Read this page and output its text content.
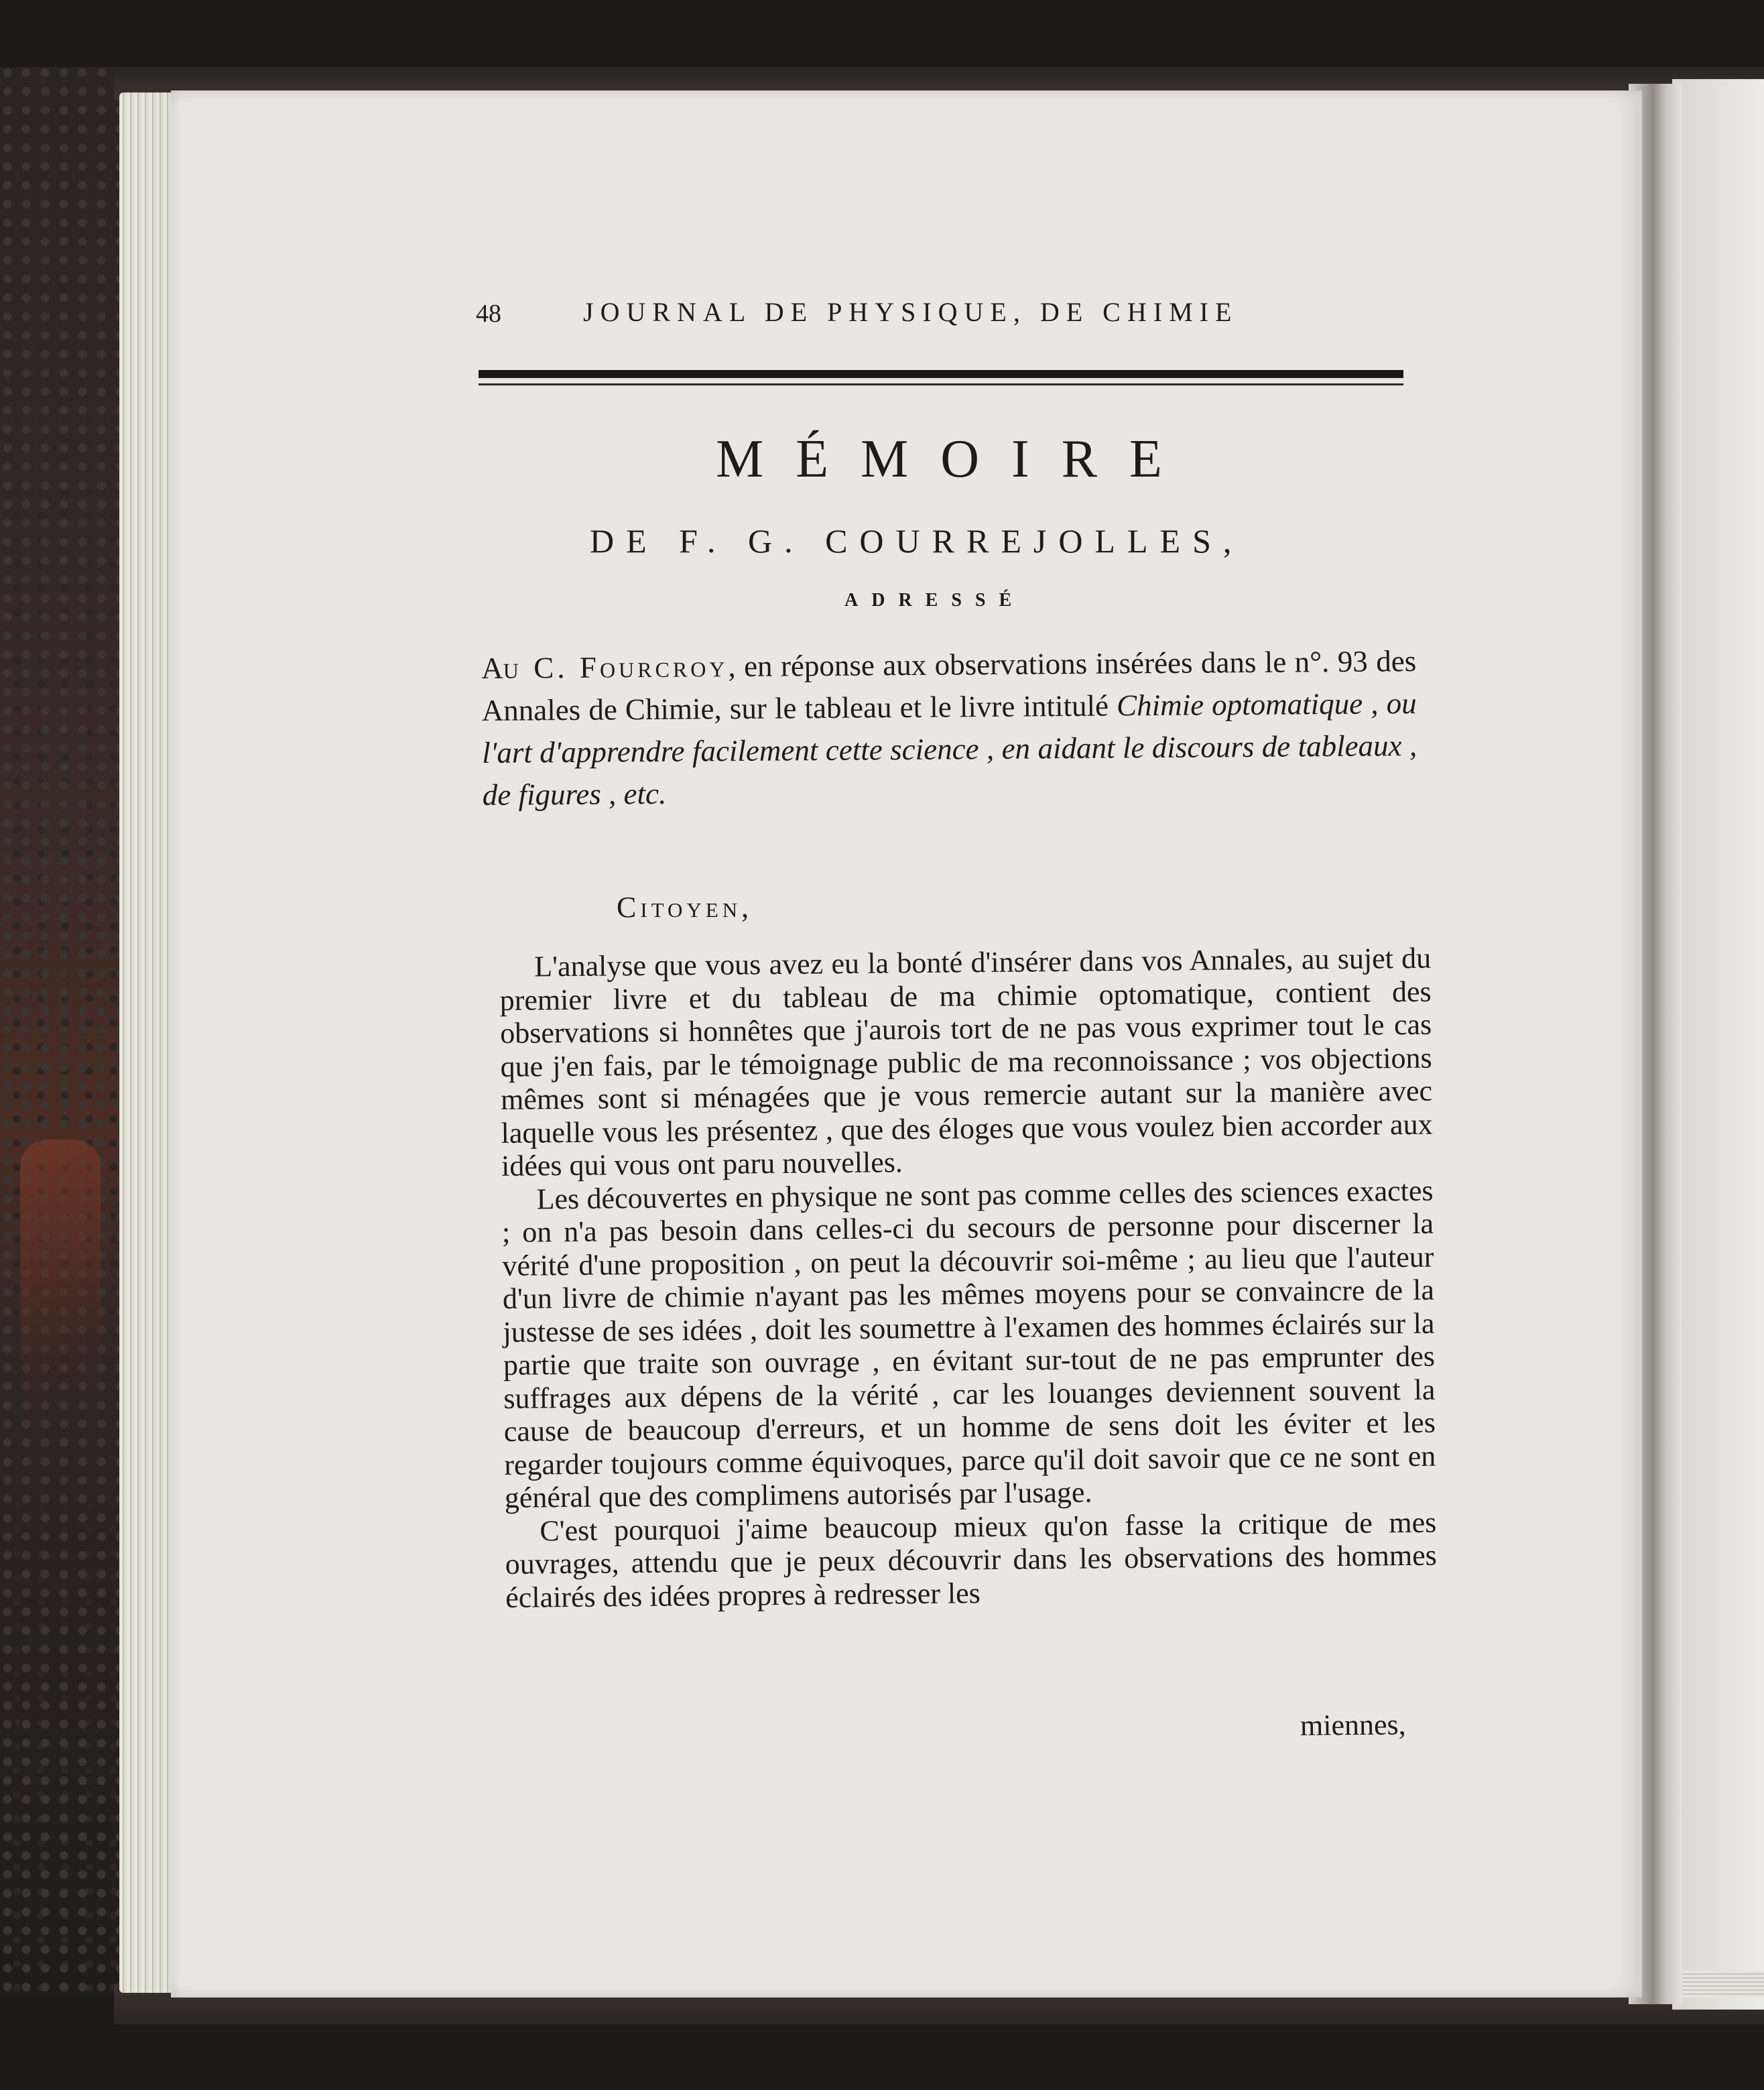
48	JOURNAL DE PHYSIQUE, DE CHIMIE
MÉMOIRE
DE F. G. COURREJOLLES,
ADRESSÉ
Au C. Fourcroy, en réponse aux observations insérées dans le n°. 93 des Annales de Chimie, sur le tableau et le livre intitulé Chimie optomatique , ou l'art d'apprendre facilement cette science , en aidant le discours de tableaux , de figures , etc.
Citoyen,

L'analyse que vous avez eu la bonté d'insérer dans vos Annales, au sujet du premier livre et du tableau de ma chimie optomatique, contient des observations si honnêtes que j'aurois tort de ne pas vous exprimer tout le cas que j'en fais, par le témoignage public de ma reconnoissance ; vos objections mêmes sont si ménagées que je vous remercie autant sur la manière avec laquelle vous les présentez , que des éloges que vous voulez bien accorder aux idées qui vous ont paru nouvelles.

Les découvertes en physique ne sont pas comme celles des sciences exactes ; on n'a pas besoin dans celles-ci du secours de personne pour discerner la vérité d'une proposition , on peut la découvrir soi-même ; au lieu que l'auteur d'un livre de chimie n'ayant pas les mêmes moyens pour se convaincre de la justesse de ses idées , doit les soumettre à l'examen des hommes éclairés sur la partie que traite son ouvrage , en évitant sur-tout de ne pas emprunter des suffrages aux dépens de la vérité , car les louanges deviennent souvent la cause de beaucoup d'erreurs, et un homme de sens doit les éviter et les regarder toujours comme équivoques, parce qu'il doit savoir que ce ne sont en général que des complimens autorisés par l'usage.

C'est pourquoi j'aime beaucoup mieux qu'on fasse la critique de mes ouvrages, attendu que je peux découvrir dans les observations des hommes éclairés des idées propres à redresser les

miennes,
